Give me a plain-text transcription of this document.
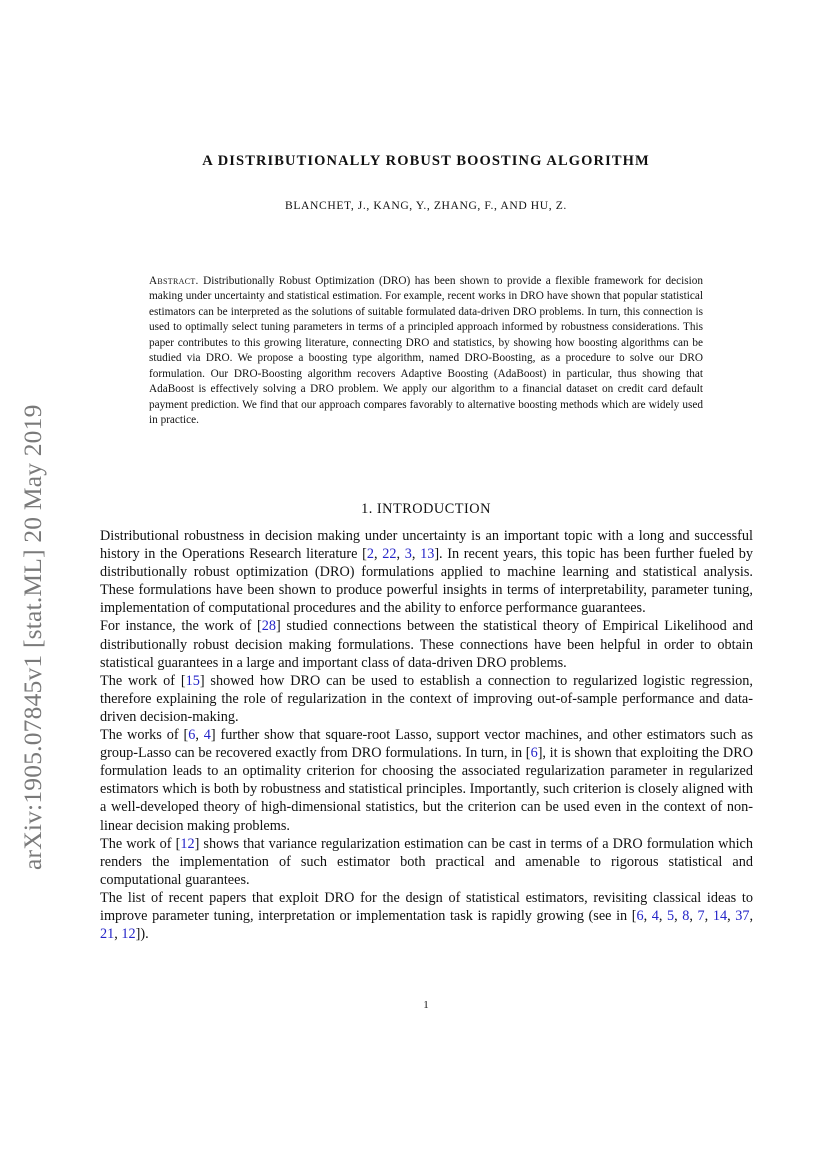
arXiv:1905.07845v1 [stat.ML] 20 May 2019
A DISTRIBUTIONALLY ROBUST BOOSTING ALGORITHM
BLANCHET, J., KANG, Y., ZHANG, F., AND HU, Z.
Abstract. Distributionally Robust Optimization (DRO) has been shown to provide a flexible framework for decision making under uncertainty and statistical estimation. For example, recent works in DRO have shown that popular statistical estimators can be interpreted as the solutions of suitable formulated data-driven DRO problems. In turn, this connection is used to optimally select tuning parameters in terms of a principled approach informed by robustness considerations. This paper contributes to this growing literature, connecting DRO and statistics, by showing how boosting algorithms can be studied via DRO. We propose a boosting type algorithm, named DRO-Boosting, as a procedure to solve our DRO formulation. Our DRO-Boosting algorithm recovers Adaptive Boosting (AdaBoost) in particular, thus showing that AdaBoost is effectively solving a DRO problem. We apply our algorithm to a financial dataset on credit card default payment prediction. We find that our approach compares favorably to alternative boosting methods which are widely used in practice.
1. INTRODUCTION

Distributional robustness in decision making under uncertainty is an important topic with a long and successful history in the Operations Research literature [2, 22, 3, 13]. In recent years, this topic has been further fueled by distributionally robust optimization (DRO) formulations applied to machine learning and statistical analysis. These formulations have been shown to produce powerful insights in terms of interpretability, parameter tuning, implementation of computational procedures and the ability to enforce performance guarantees.

For instance, the work of [28] studied connections between the statistical theory of Empirical Likelihood and distributionally robust decision making formulations. These connections have been helpful in order to obtain statistical guarantees in a large and important class of data-driven DRO problems.

The work of [15] showed how DRO can be used to establish a connection to regularized logistic regression, therefore explaining the role of regularization in the context of improving out-of-sample performance and data-driven decision-making.

The works of [6, 4] further show that square-root Lasso, support vector machines, and other estimators such as group-Lasso can be recovered exactly from DRO formulations. In turn, in [6], it is shown that exploiting the DRO formulation leads to an optimality criterion for choosing the associated regularization parameter in regularized estimators which is both by robustness and statistical principles. Importantly, such criterion is closely aligned with a well-developed theory of high-dimensional statistics, but the criterion can be used even in the context of non-linear decision making problems.

The work of [12] shows that variance regularization estimation can be cast in terms of a DRO formulation which renders the implementation of such estimator both practical and amenable to rigorous statistical and computational guarantees.

The list of recent papers that exploit DRO for the design of statistical estimators, revisiting classical ideas to improve parameter tuning, interpretation or implementation task is rapidly growing (see in [6, 4, 5, 8, 7, 14, 37, 21, 12]).

1
